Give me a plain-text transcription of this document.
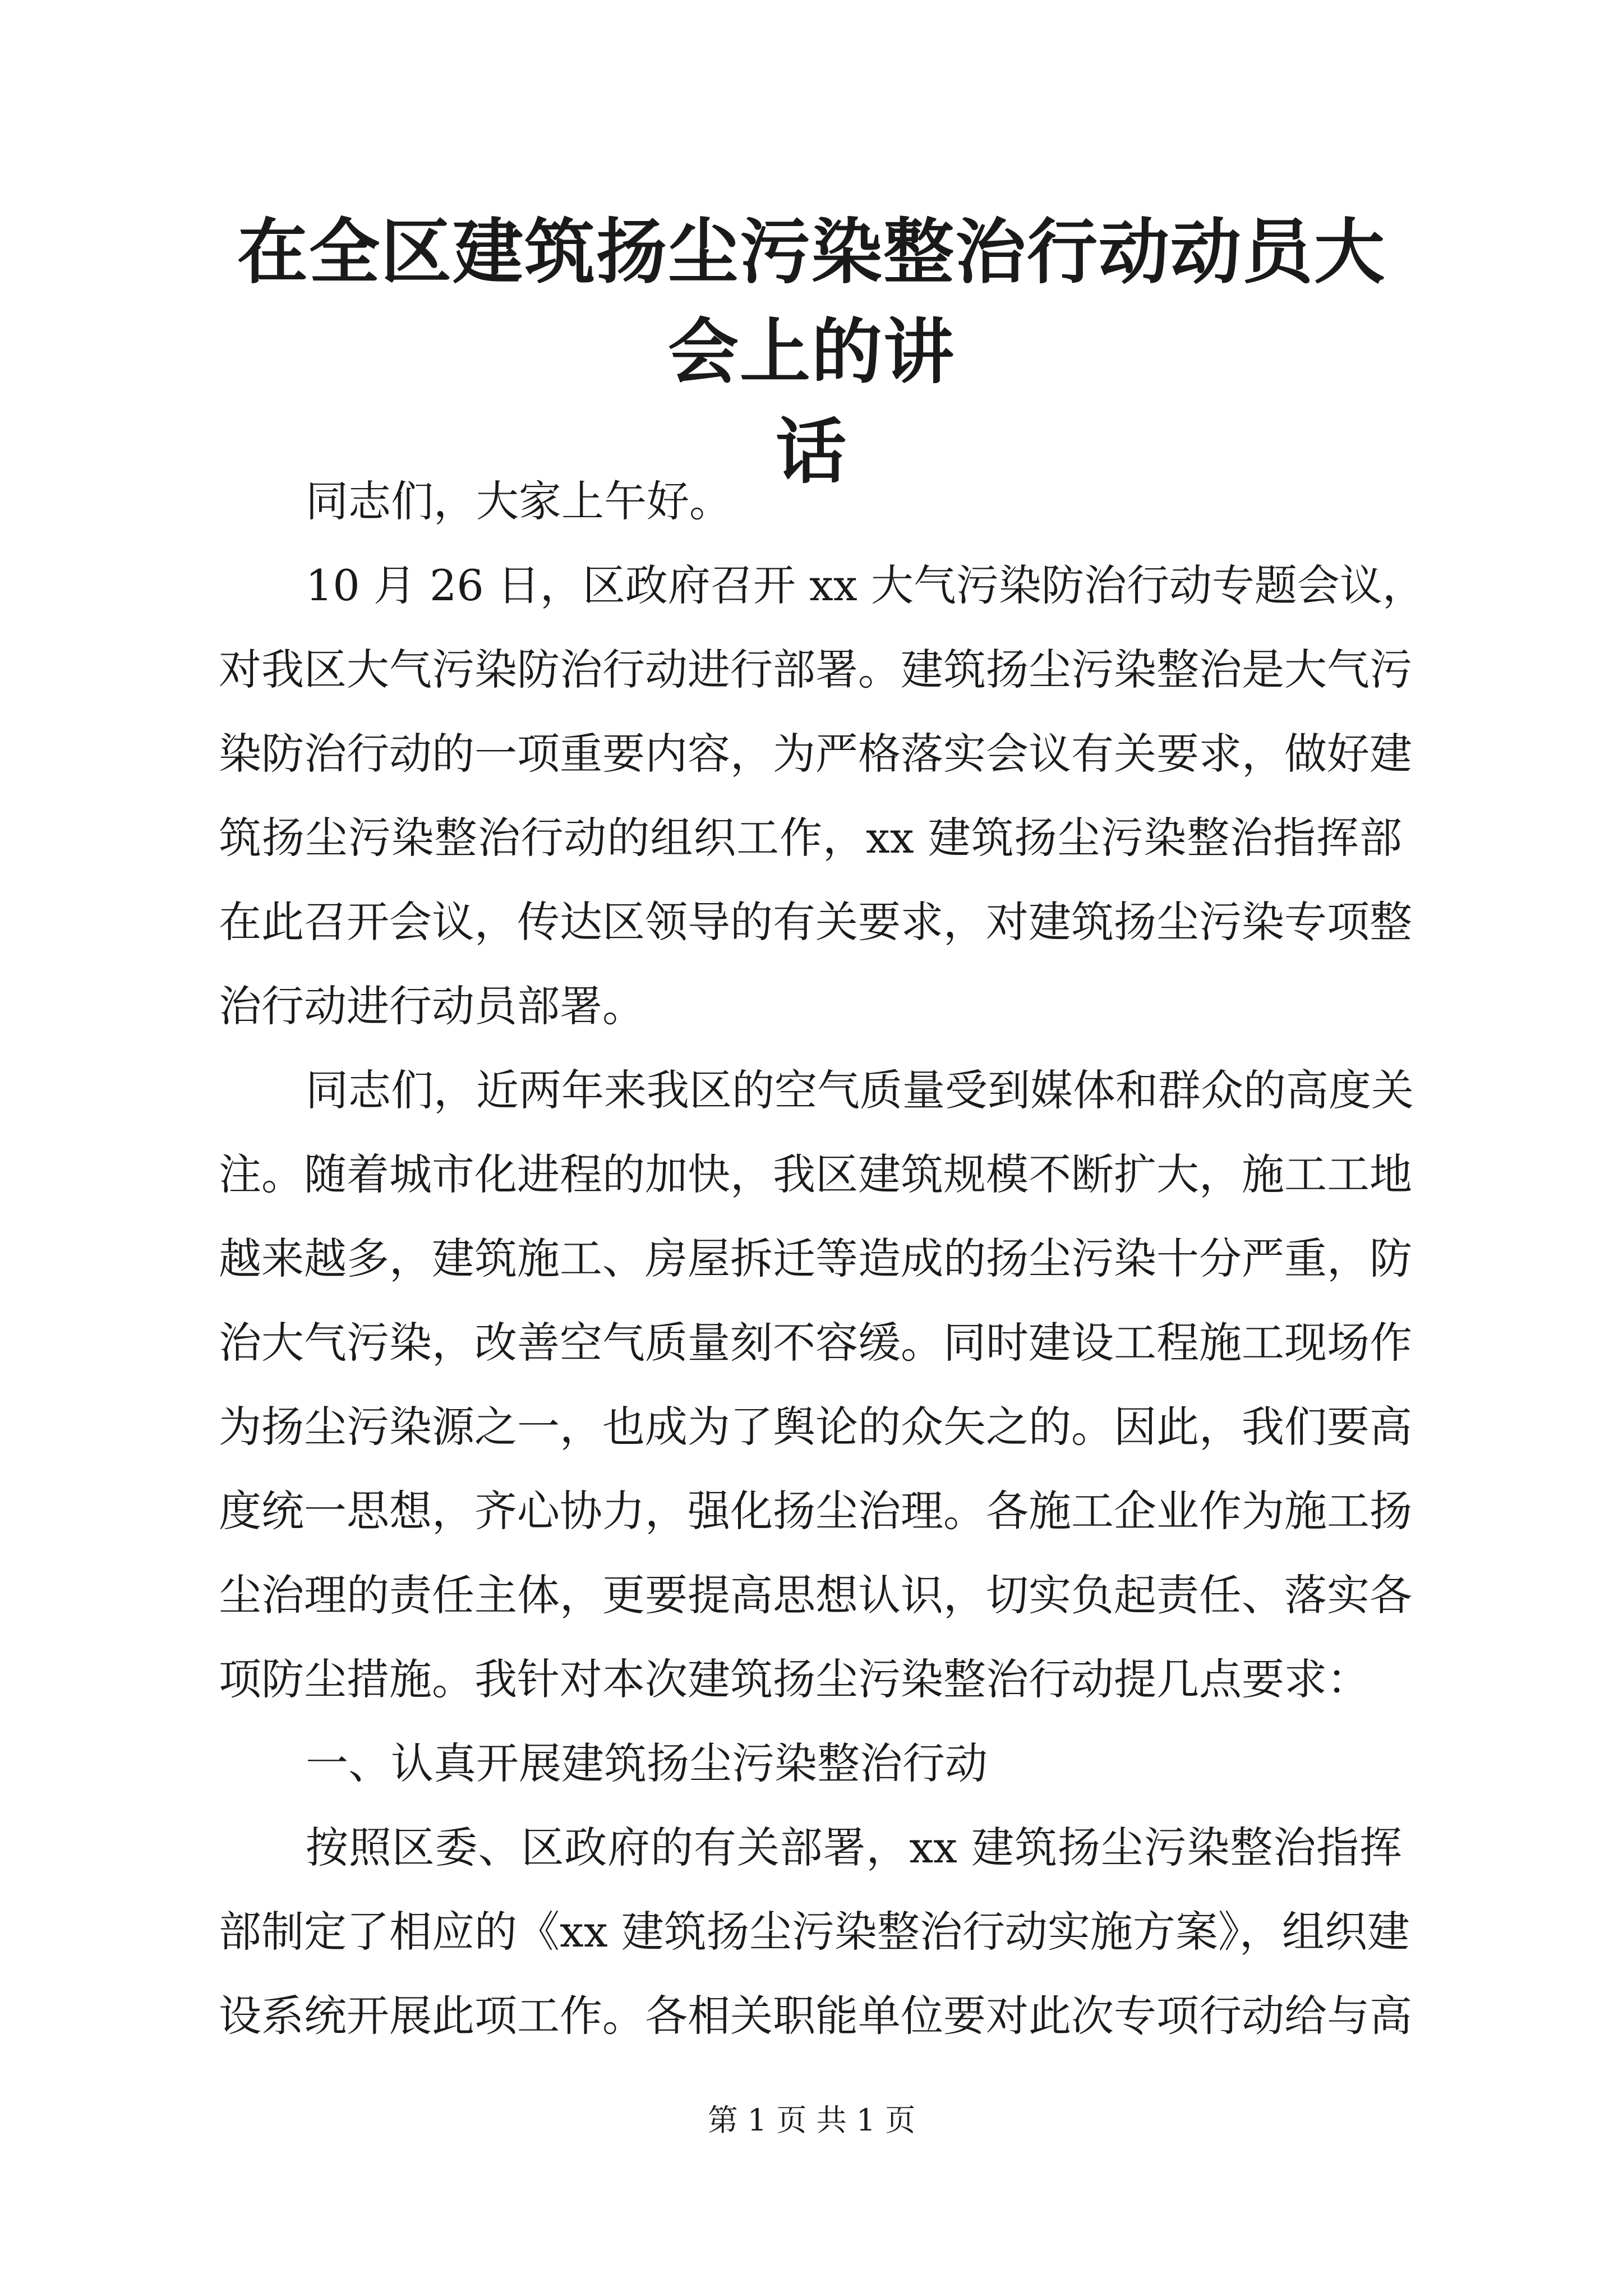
在全区建筑扬尘污染整治行动动员大会上的讲
话
同志们，大家上午好。
10 月 26 日，区政府召开 xx 大气污染防治行动专题会议，
对我区大气污染防治行动进行部署。建筑扬尘污染整治是大气污
染防治行动的一项重要内容，为严格落实会议有关要求，做好建
筑扬尘污染整治行动的组织工作，xx 建筑扬尘污染整治指挥部
在此召开会议，传达区领导的有关要求，对建筑扬尘污染专项整
治行动进行动员部署。
同志们，近两年来我区的空气质量受到媒体和群众的高度关
注。随着城市化进程的加快，我区建筑规模不断扩大，施工工地
越来越多，建筑施工、房屋拆迁等造成的扬尘污染十分严重，防
治大气污染，改善空气质量刻不容缓。同时建设工程施工现场作
为扬尘污染源之一，也成为了舆论的众矢之的。因此，我们要高
度统一思想，齐心协力，强化扬尘治理。各施工企业作为施工扬
尘治理的责任主体，更要提高思想认识，切实负起责任、落实各
项防尘措施。我针对本次建筑扬尘污染整治行动提几点要求：
一、认真开展建筑扬尘污染整治行动
按照区委、区政府的有关部署，xx 建筑扬尘污染整治指挥
部制定了相应的《xx 建筑扬尘污染整治行动实施方案》，组织建
设系统开展此项工作。各相关职能单位要对此次专项行动给与高
第 1 页 共 1 页
